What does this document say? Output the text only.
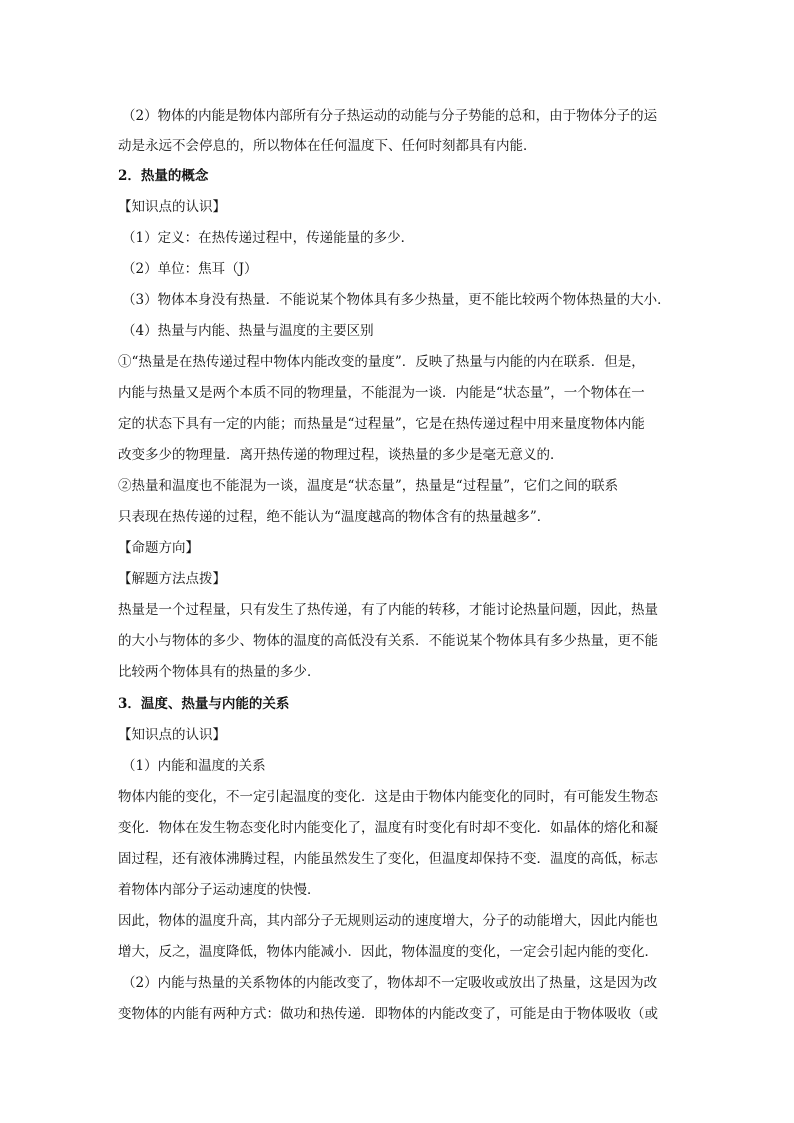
（2）物体的内能是物体内部所有分子热运动的动能与分子势能的总和，由于物体分子的运
动是永远不会停息的，所以物体在任何温度下、任何时刻都具有内能．
2．热量的概念
【知识点的认识】
（1）定义：在热传递过程中，传递能量的多少．
（2）单位：焦耳（J）
（3）物体本身没有热量．不能说某个物体具有多少热量，更不能比较两个物体热量的大小．
（4）热量与内能、热量与温度的主要区别
①“热量是在热传递过程中物体内能改变的量度”．反映了热量与内能的内在联系．但是，
内能与热量又是两个本质不同的物理量，不能混为一谈．内能是“状态量”，一个物体在一
定的状态下具有一定的内能；而热量是“过程量”，它是在热传递过程中用来量度物体内能
改变多少的物理量．离开热传递的物理过程，谈热量的多少是毫无意义的．
②热量和温度也不能混为一谈，温度是“状态量”，热量是“过程量”，它们之间的联系
只表现在热传递的过程，绝不能认为“温度越高的物体含有的热量越多”．
【命题方向】
【解题方法点拨】
热量是一个过程量，只有发生了热传递，有了内能的转移，才能讨论热量问题，因此，热量
的大小与物体的多少、物体的温度的高低没有关系．不能说某个物体具有多少热量，更不能
比较两个物体具有的热量的多少．
3．温度、热量与内能的关系
【知识点的认识】
（1）内能和温度的关系
物体内能的变化，不一定引起温度的变化．这是由于物体内能变化的同时，有可能发生物态
变化．物体在发生物态变化时内能变化了，温度有时变化有时却不变化．如晶体的熔化和凝
固过程，还有液体沸腾过程，内能虽然发生了变化，但温度却保持不变．温度的高低，标志
着物体内部分子运动速度的快慢．
因此，物体的温度升高，其内部分子无规则运动的速度增大，分子的动能增大，因此内能也
增大，反之，温度降低，物体内能减小．因此，物体温度的变化，一定会引起内能的变化．
（2）内能与热量的关系物体的内能改变了，物体却不一定吸收或放出了热量，这是因为改
变物体的内能有两种方式：做功和热传递．即物体的内能改变了，可能是由于物体吸收（或
